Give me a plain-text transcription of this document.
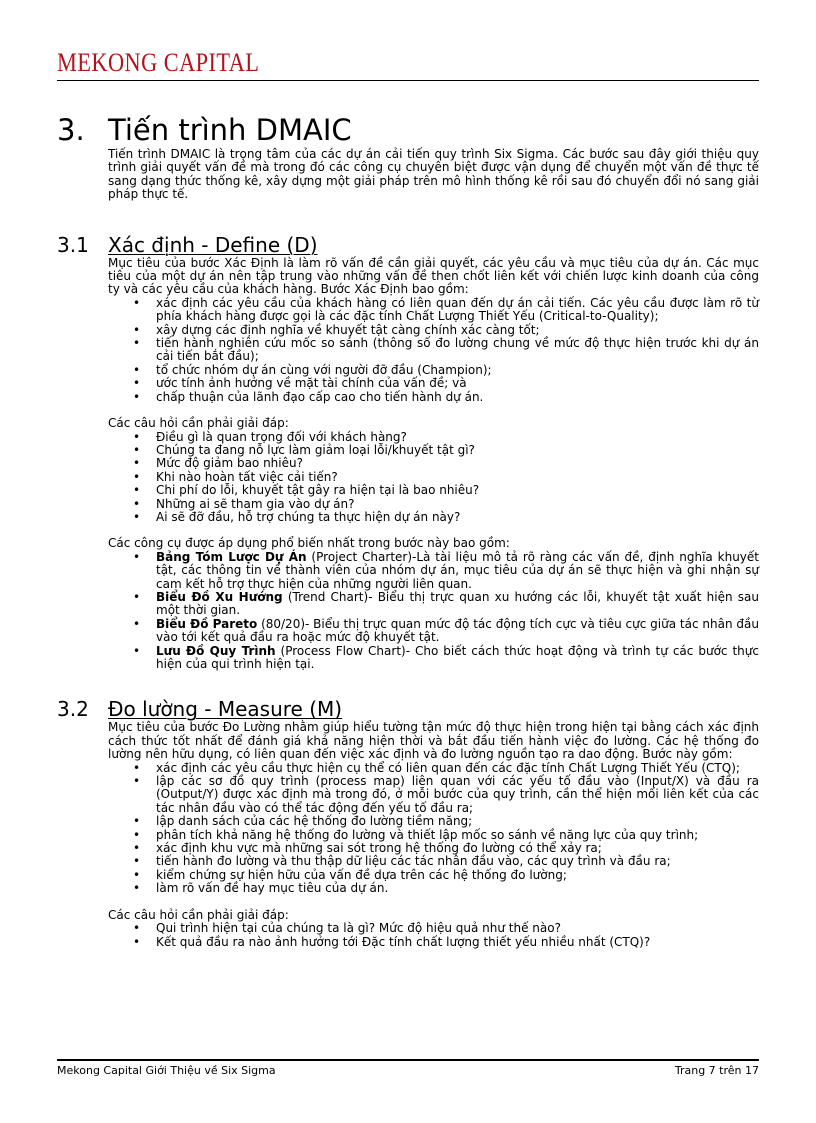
MEKONG CAPITAL
3. Tiến trình DMAIC

Tiến trình DMAIC là trọng tâm của các dự án cải tiến quy trình Six Sigma. Các bước sau đây giới thiệu quy trình giải quyết vấn đề mà trong đó các công cụ chuyên biệt được vận dụng để chuyển một vấn đề thực tế sang dạng thức thống kê, xây dựng một giải pháp trên mô hình thống kê rồi sau đó chuyển đổi nó sang giải pháp thực tế.

3.1 Xác định - Define (D)

Mục tiêu của bước Xác Định là làm rõ vấn đề cần giải quyết, các yêu cầu và mục tiêu của dự án. Các mục tiêu của một dự án nên tập trung vào những vấn đề then chốt liên kết với chiến lược kinh doanh của công ty và các yêu cầu của khách hàng. Bước Xác Định bao gồm:

• xác định các yêu cầu của khách hàng có liên quan đến dự án cải tiến. Các yêu cầu được làm rõ từ phía khách hàng được gọi là các đặc tính Chất Lượng Thiết Yếu (Critical-to-Quality);
• xây dựng các định nghĩa về khuyết tật càng chính xác càng tốt;
• tiến hành nghiên cứu mốc so sánh (thông số đo lường chung về mức độ thực hiện trước khi dự án cải tiến bắt đầu);
• tổ chức nhóm dự án cùng với người đỡ đầu (Champion);
• ước tính ảnh hưởng về mặt tài chính của vấn đề; và
• chấp thuận của lãnh đạo cấp cao cho tiến hành dự án.

Các câu hỏi cần phải giải đáp:

• Điều gì là quan trọng đối với khách hàng?
• Chúng ta đang nỗ lực làm giảm loại lỗi/khuyết tật gì?
• Mức độ giảm bao nhiêu?
• Khi nào hoàn tất việc cải tiến?
• Chi phí do lỗi, khuyết tật gây ra hiện tại là bao nhiêu?
• Những ai sẽ tham gia vào dự án?
• Ai sẽ đỡ đầu, hỗ trợ chúng ta thực hiện dự án này?

Các công cụ được áp dụng phổ biến nhất trong bước này bao gồm:

• Bảng Tóm Lược Dự Án (Project Charter)-Là tài liệu mô tả rõ ràng các vấn đề, định nghĩa khuyết tật, các thông tin về thành viên của nhóm dự án, mục tiêu của dự án sẽ thực hiện và ghi nhận sự cam kết hỗ trợ thực hiện của những người liên quan.
• Biểu Đồ Xu Hướng (Trend Chart)- Biểu thị trực quan xu hướng các lỗi, khuyết tật xuất hiện sau một thời gian.
• Biểu Đồ Pareto (80/20)- Biểu thị trực quan mức độ tác động tích cực và tiêu cực giữa tác nhân đầu vào tới kết quả đầu ra hoặc mức độ khuyết tật.
• Lưu Đồ Quy Trình (Process Flow Chart)- Cho biết cách thức hoạt động và trình tự các bước thực hiện của qui trình hiện tại.
3.2 Đo lường - Measure (M)

Mục tiêu của bước Đo Lường nhằm giúp hiểu tường tận mức độ thực hiện trong hiện tại bằng cách xác định cách thức tốt nhất để đánh giá khả năng hiện thời và bắt đầu tiến hành việc đo lường. Các hệ thống đo lường nên hữu dụng, có liên quan đến việc xác định và đo lường nguồn tạo ra dao động. Bước này gồm:

• xác định các yêu cầu thực hiện cụ thể có liên quan đến các đặc tính Chất Lượng Thiết Yếu (CTQ);
• lập các sơ đồ quy trình (process map) liên quan với các yếu tố đầu vào (Input/X) và đầu ra (Output/Y) được xác định mà trong đó, ở mỗi bước của quy trình, cần thể hiện mối liên kết của các tác nhân đầu vào có thể tác động đến yếu tố đầu ra;
• lập danh sách của các hệ thống đo lường tiềm năng;
• phân tích khả năng hệ thống đo lường và thiết lập mốc so sánh về năng lực của quy trình;
• xác định khu vực mà những sai sót trong hệ thống đo lường có thể xảy ra;
• tiến hành đo lường và thu thập dữ liệu các tác nhân đầu vào, các quy trình và đầu ra;
• kiểm chứng sự hiện hữu của vấn đề dựa trên các hệ thống đo lường;
• làm rõ vấn đề hay mục tiêu của dự án.

Các câu hỏi cần phải giải đáp:

• Qui trình hiện tại của chúng ta là gì? Mức độ hiệu quả như thế nào?
• Kết quả đầu ra nào ảnh hưởng tới Đặc tính chất lượng thiết yếu nhiều nhất (CTQ)?
Mekong Capital Giới Thiệu về Six Sigma	Trang 7 trên 17
